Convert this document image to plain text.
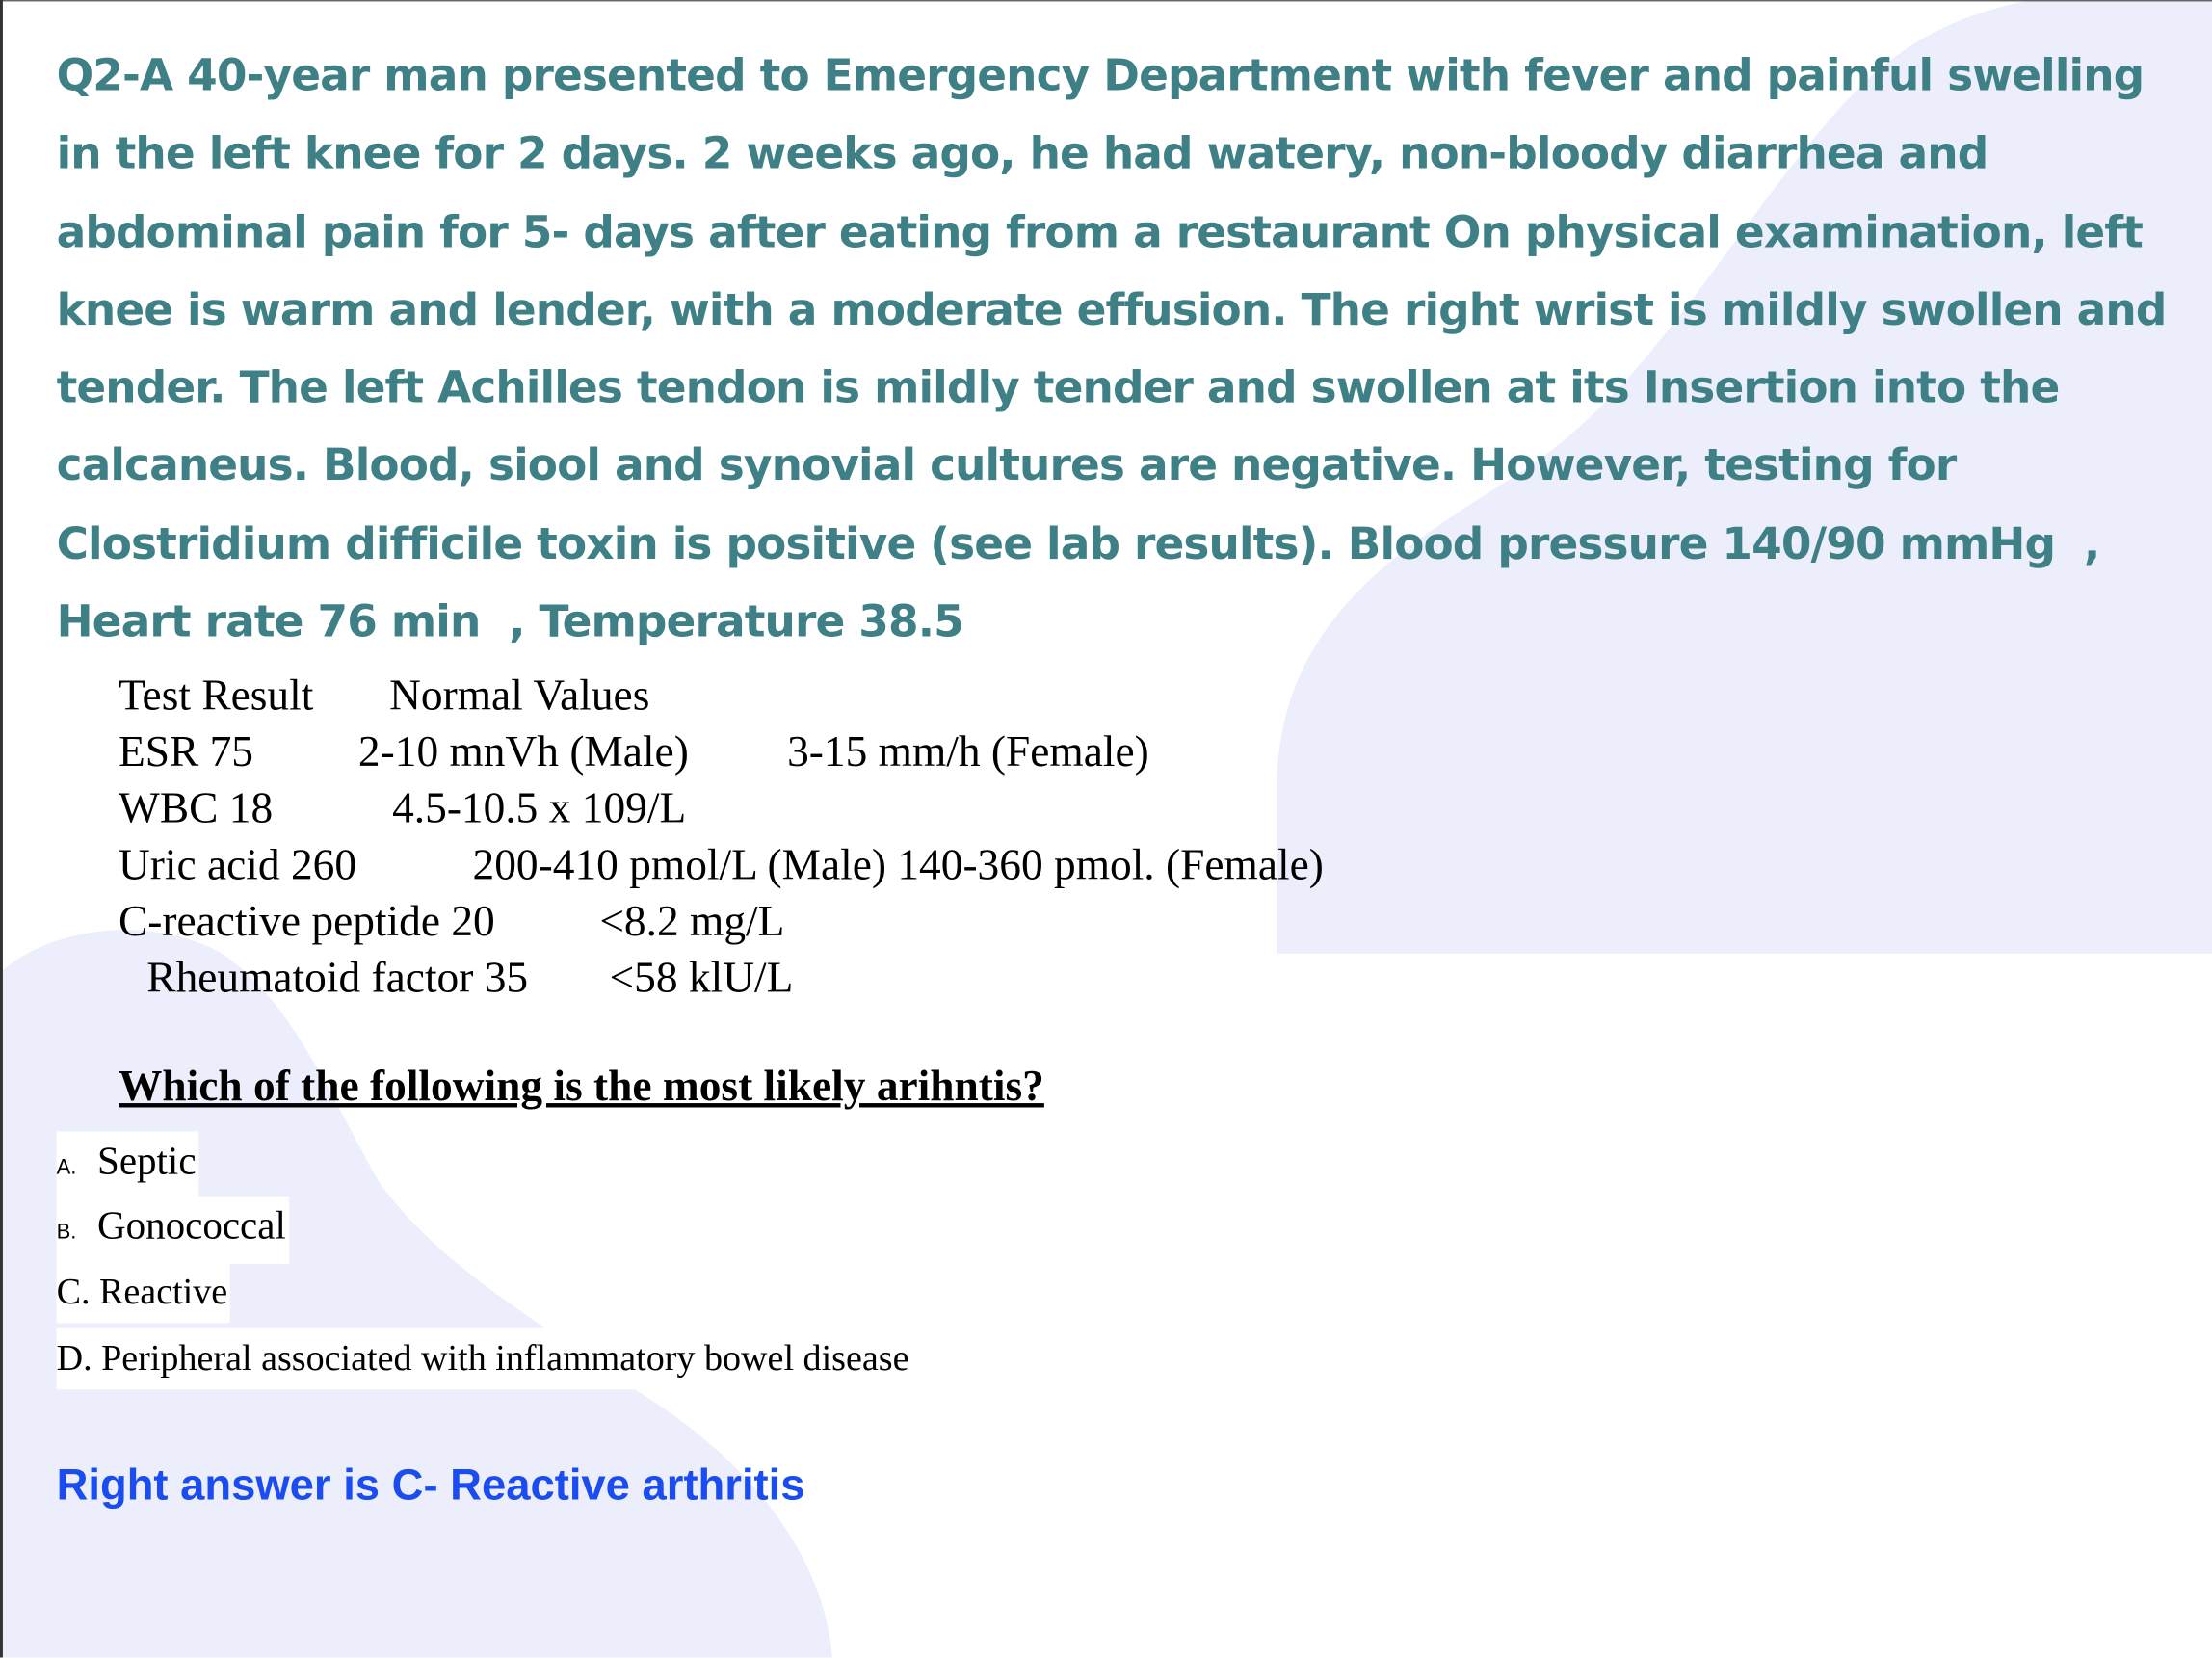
Q2-A 40-year man presented to Emergency Department with fever and painful swelling in the left knee for 2 days. 2 weeks ago, he had watery, non-bloody diarrhea and abdominal pain for 5- days after eating from a restaurant On physical examination, left knee is warm and lender, with a moderate effusion. The right wrist is mildly swollen and tender. The left Achilles tendon is mildly tender and swollen at its Insertion into the calcaneus. Blood, siool and synovial cultures are negative. However, testing for Clostridium difficile toxin is positive (see lab results). Blood pressure 140/90 mmHg  , Heart rate 76 min  , Temperature 38.5

Test Result	Normal Values
ESR 75	2-10 mnVh (Male)	3-15 mm/h (Female)
WBC 18	4.5-10.5 x 109/L
Uric acid 260	200-410 pmol/L (Male) 140-360 pmol. (Female)
C-reactive peptide 20	<8.2 mg/L
Rheumatoid factor 35	<58 klU/L
Which of the following is the most likely arihntis?
A. Septic
B. Gonococcal
C. Reactive
D. Peripheral associated with inflammatory bowel disease
Right answer is C- Reactive arthritis
